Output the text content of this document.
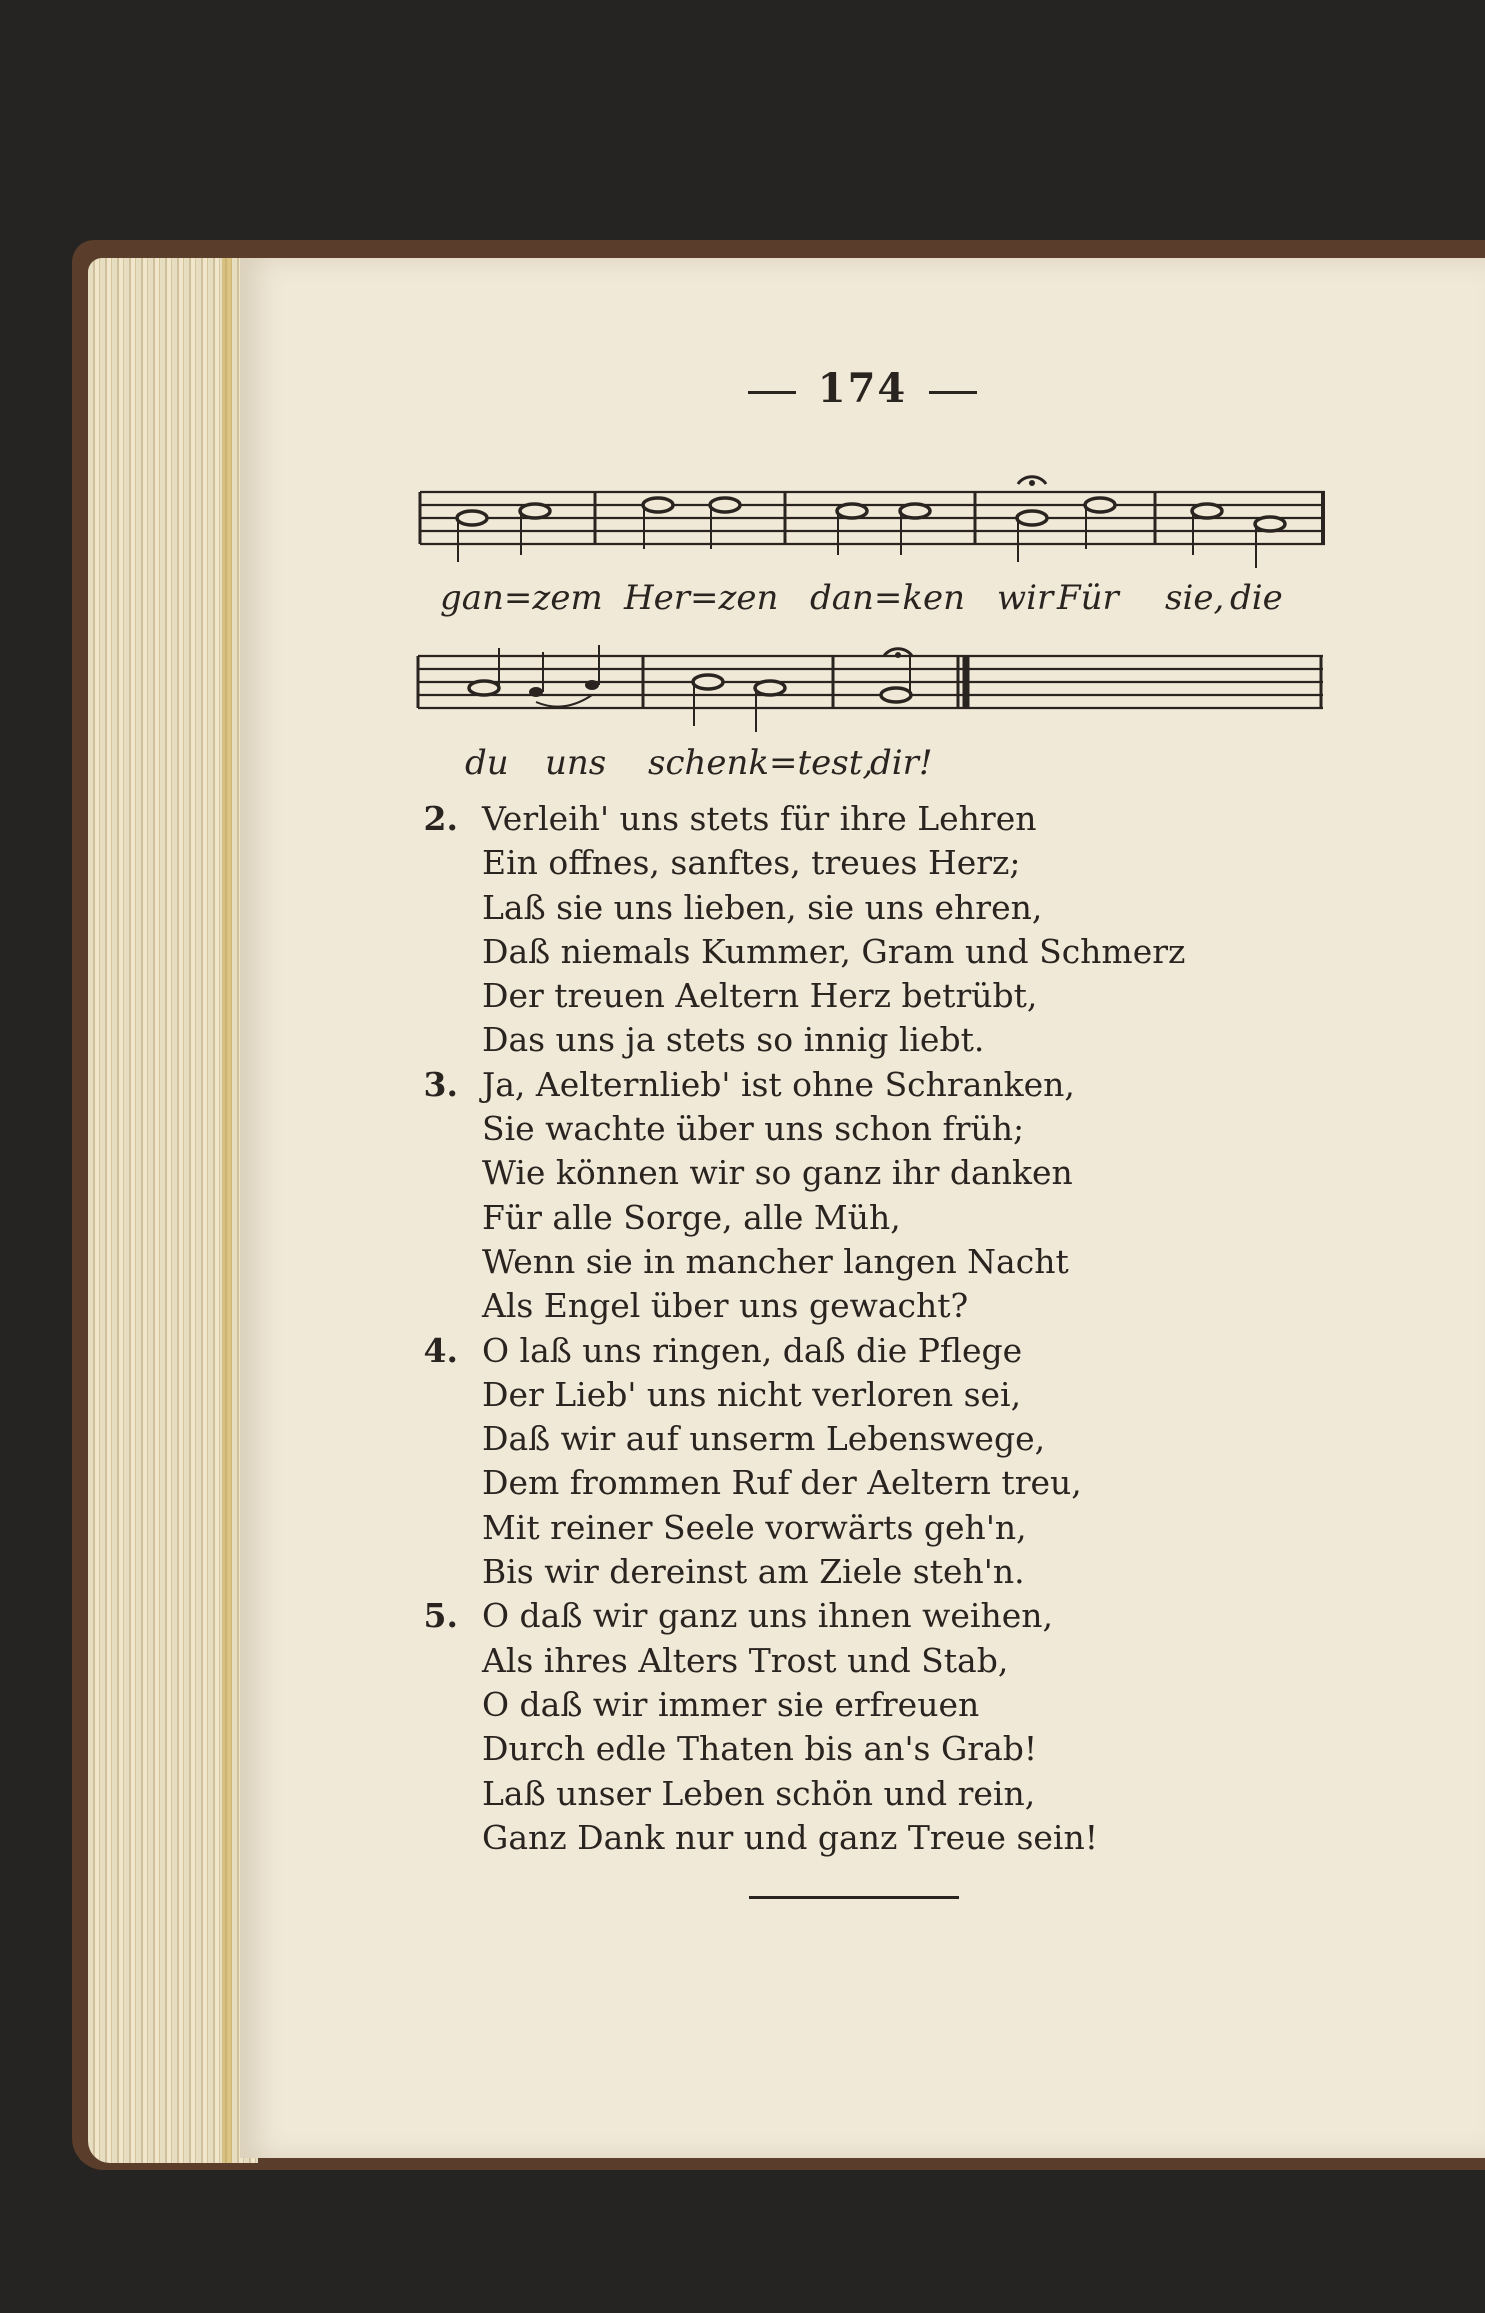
174
gan=zem Her=zen dan=ken wir Für sie, die
du uns schenk=test,
dir!
2. Verleih' uns stets für ihre Lehren
Ein offnes, sanftes, treues Herz;
Laß sie uns lieben, sie uns ehren,
Daß niemals Kummer, Gram und Schmerz
Der treuen Aeltern Herz betrübt,
Das uns ja stets so innig liebt.
3. Ja, Aelternlieb' ist ohne Schranken,
Sie wachte über uns schon früh;
Wie können wir so ganz ihr danken
Für alle Sorge, alle Müh,
Wenn sie in mancher langen Nacht
Als Engel über uns gewacht?
4. O laß uns ringen, daß die Pflege
Der Lieb' uns nicht verloren sei,
Daß wir auf unserm Lebenswege,
Dem frommen Ruf der Aeltern treu,
Mit reiner Seele vorwärts geh'n,
Bis wir dereinst am Ziele steh'n.
5. O daß wir ganz uns ihnen weihen,
Als ihres Alters Trost und Stab,
O daß wir immer sie erfreuen
Durch edle Thaten bis an's Grab!
Laß unser Leben schön und rein,
Ganz Dank nur und ganz Treue sein!
